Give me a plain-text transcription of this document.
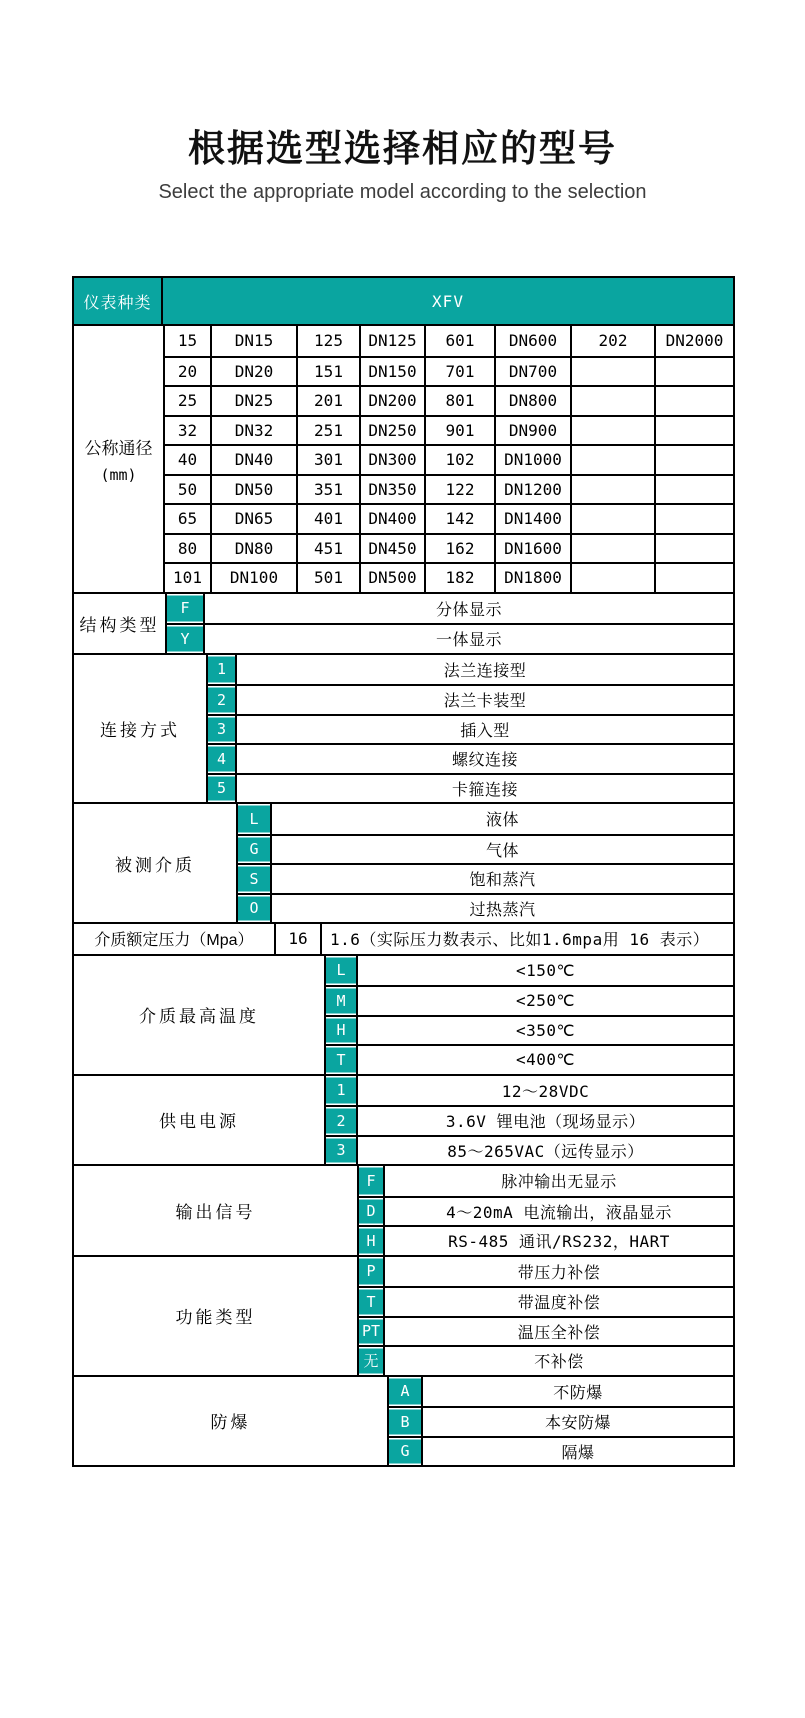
根据选型选择相应的型号
Select the appropriate model according to the selection
仪表种类	XFV
公称通径
(mm)
15	DN15	125	DN125	601	DN600	202	DN2000
20	DN20	151	DN150	701	DN700
25	DN25	201	DN200	801	DN800
32	DN32	251	DN250	901	DN900
40	DN40	301	DN300	102	DN1000
50	DN50	351	DN350	122	DN1200
65	DN65	401	DN400	142	DN1400
80	DN80	451	DN450	162	DN1600
101	DN100	501	DN500	182	DN1800
结构类型
F	分体显示
Y	一体显示
连接方式
1	法兰连接型
2	法兰卡装型
3	插入型
4	螺纹连接
5	卡箍连接
被测介质
L	液体
G	气体
S	饱和蒸汽
O	过热蒸汽
介质额定压力（Mpa）	16	1.6（实际压力数表示、比如1.6mpa用 16 表示）
介质最高温度
L	<150℃
M	<250℃
H	<350℃
T	<400℃
供电电源
1	12～28VDC
2	3.6V 锂电池（现场显示）
3	85～265VAC（远传显示）
输出信号
F	脉冲输出无显示
D	4～20mA 电流输出，液晶显示
H	RS-485 通讯/RS232，HART
功能类型
P	带压力补偿
T	带温度补偿
PT	温压全补偿
无	不补偿
防爆
A	不防爆
B	本安防爆
G	隔爆
